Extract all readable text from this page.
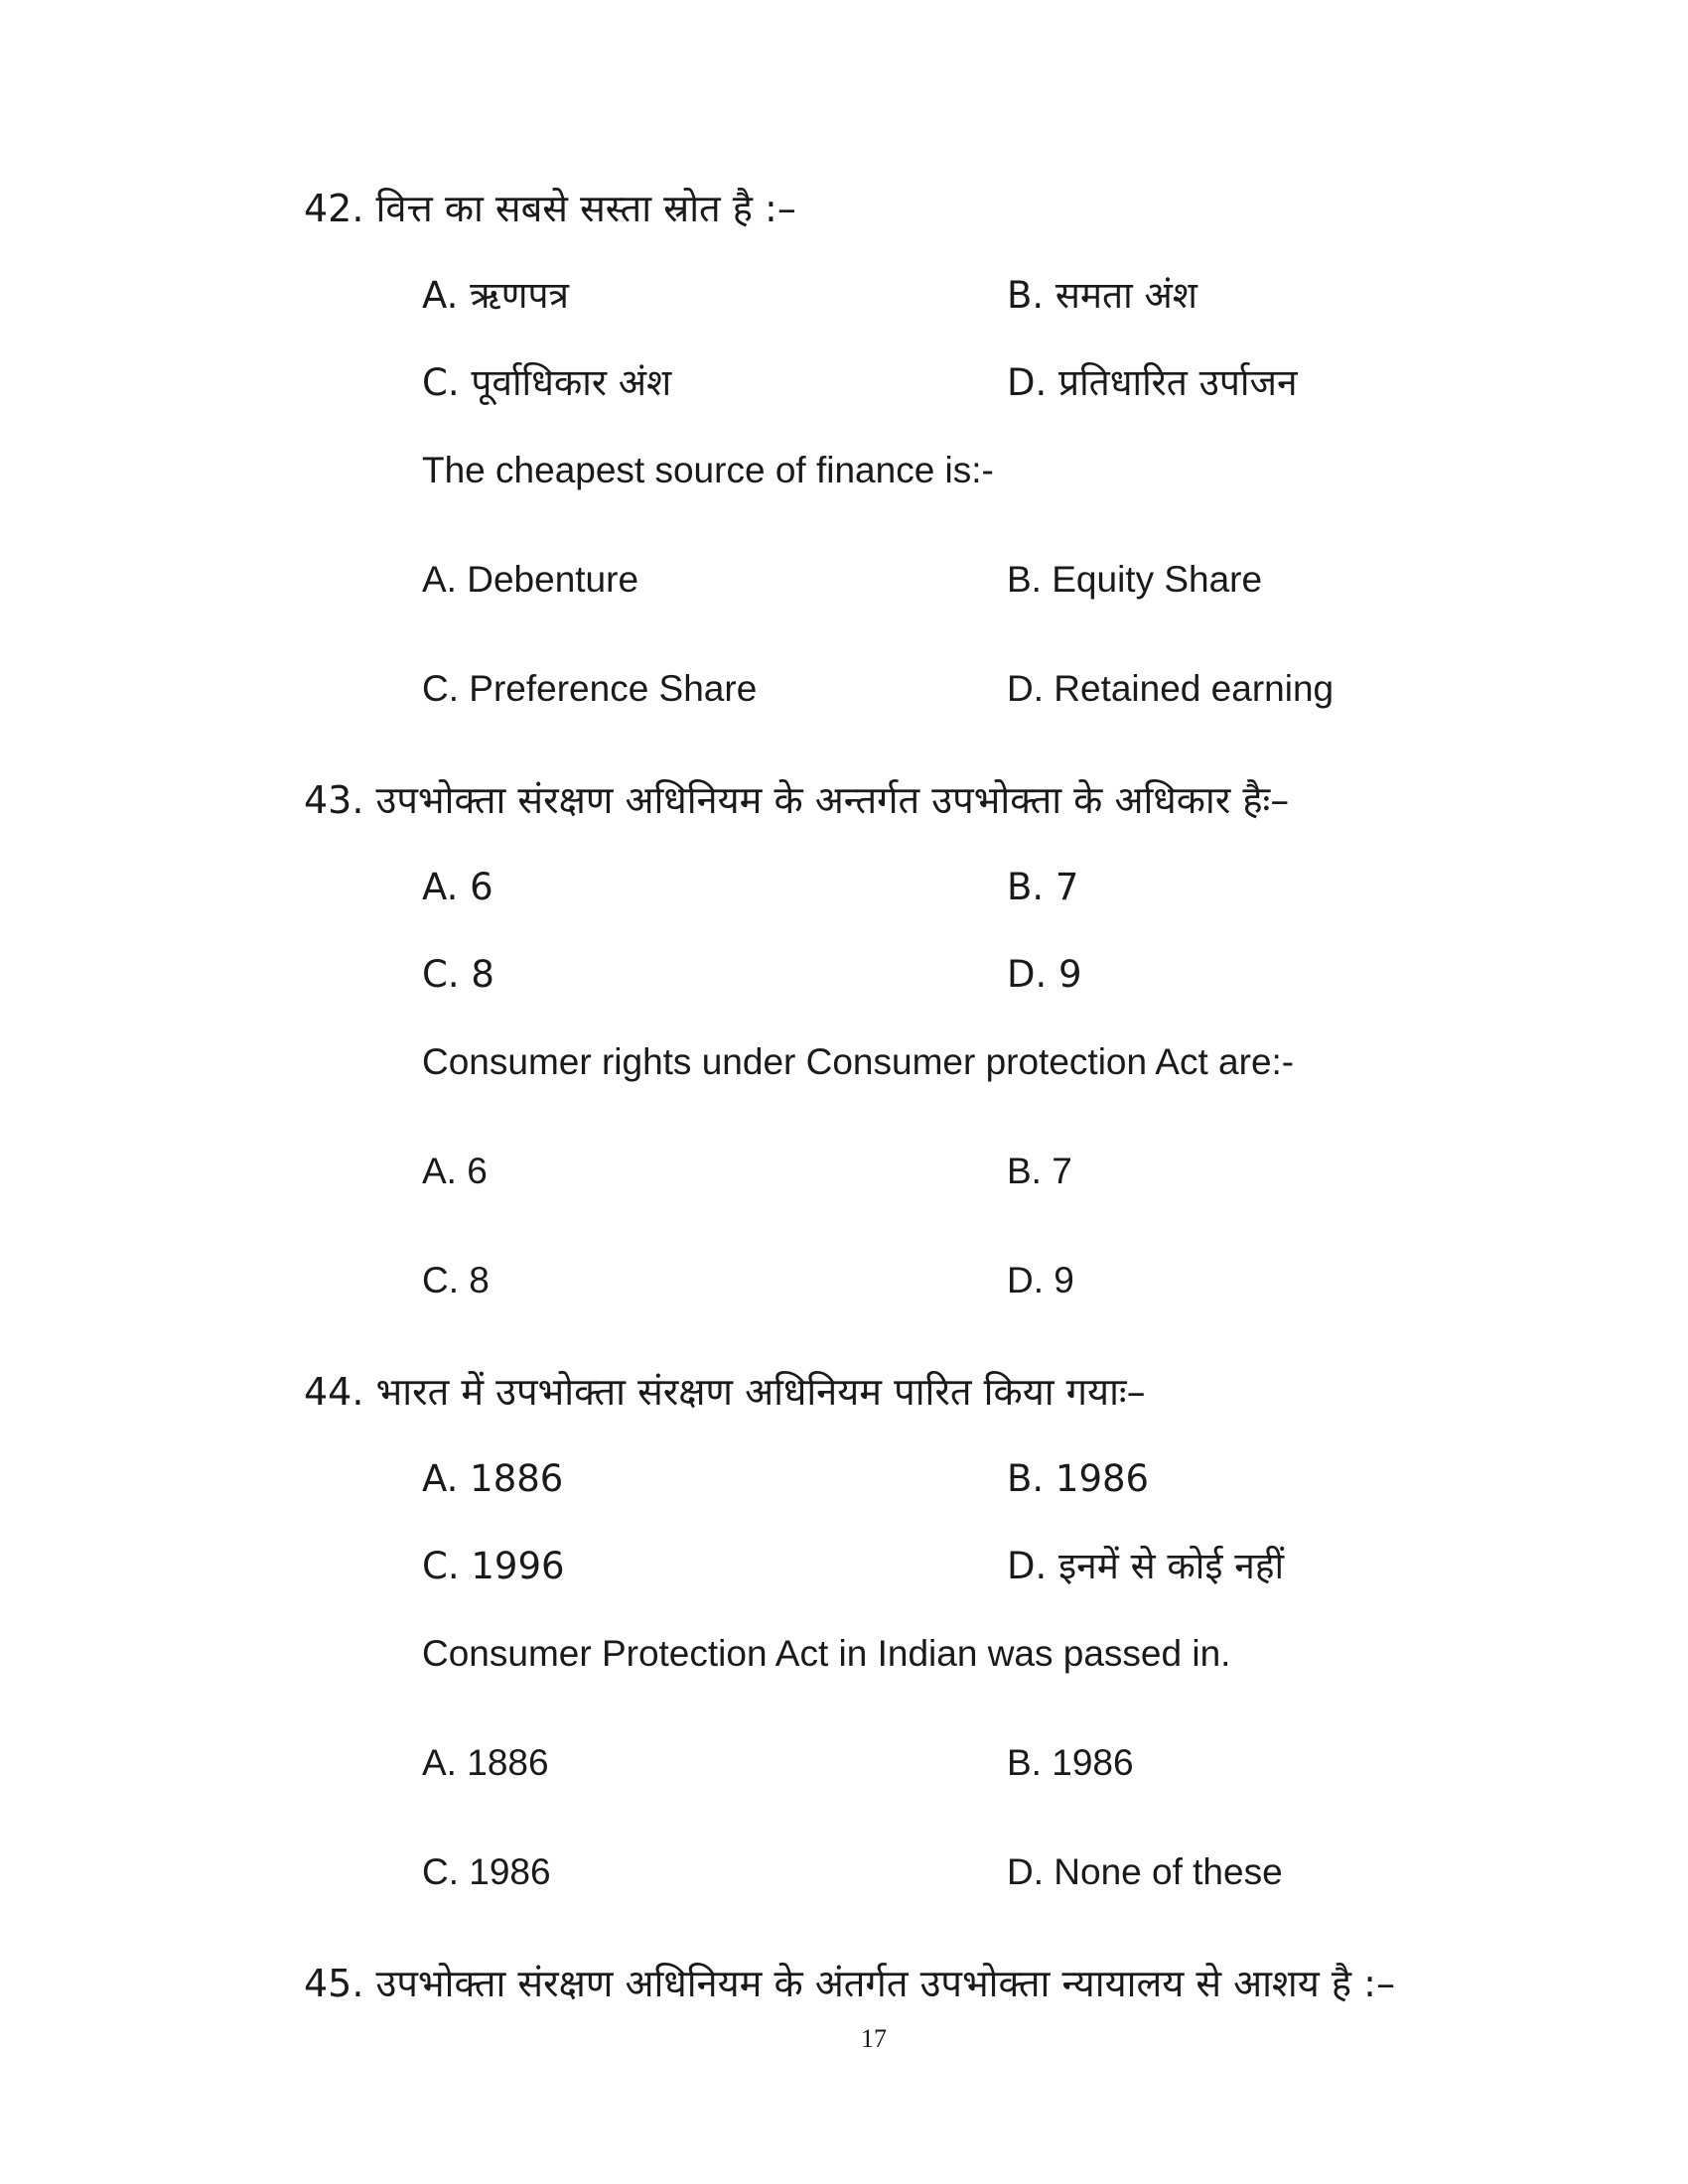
42. वित्त का सबसे सस्ता स्रोत है :–
A. ऋणपत्र	B. समता अंश
C. पूर्वाधिकार अंश	D. प्रतिधारित उर्पाजन
The cheapest source of finance is:-
A. Debenture	B. Equity Share
C. Preference Share	D. Retained earning
43. उपभोक्ता संरक्षण अधिनियम के अन्तर्गत उपभोक्ता के अधिकार हैः–
A. 6	B. 7
C. 8	D. 9
Consumer rights under Consumer protection Act are:-
A. 6	B. 7
C. 8	D. 9
44. भारत में उपभोक्ता संरक्षण अधिनियम पारित किया गयाः–
A. 1886	B. 1986
C. 1996	D. इनमें से कोई नहीं
Consumer Protection Act in Indian was passed in.
A. 1886	B. 1986
C. 1986	D. None of these
45. उपभोक्ता संरक्षण अधिनियम के अंतर्गत उपभोक्ता न्यायालय से आशय है :–
17
